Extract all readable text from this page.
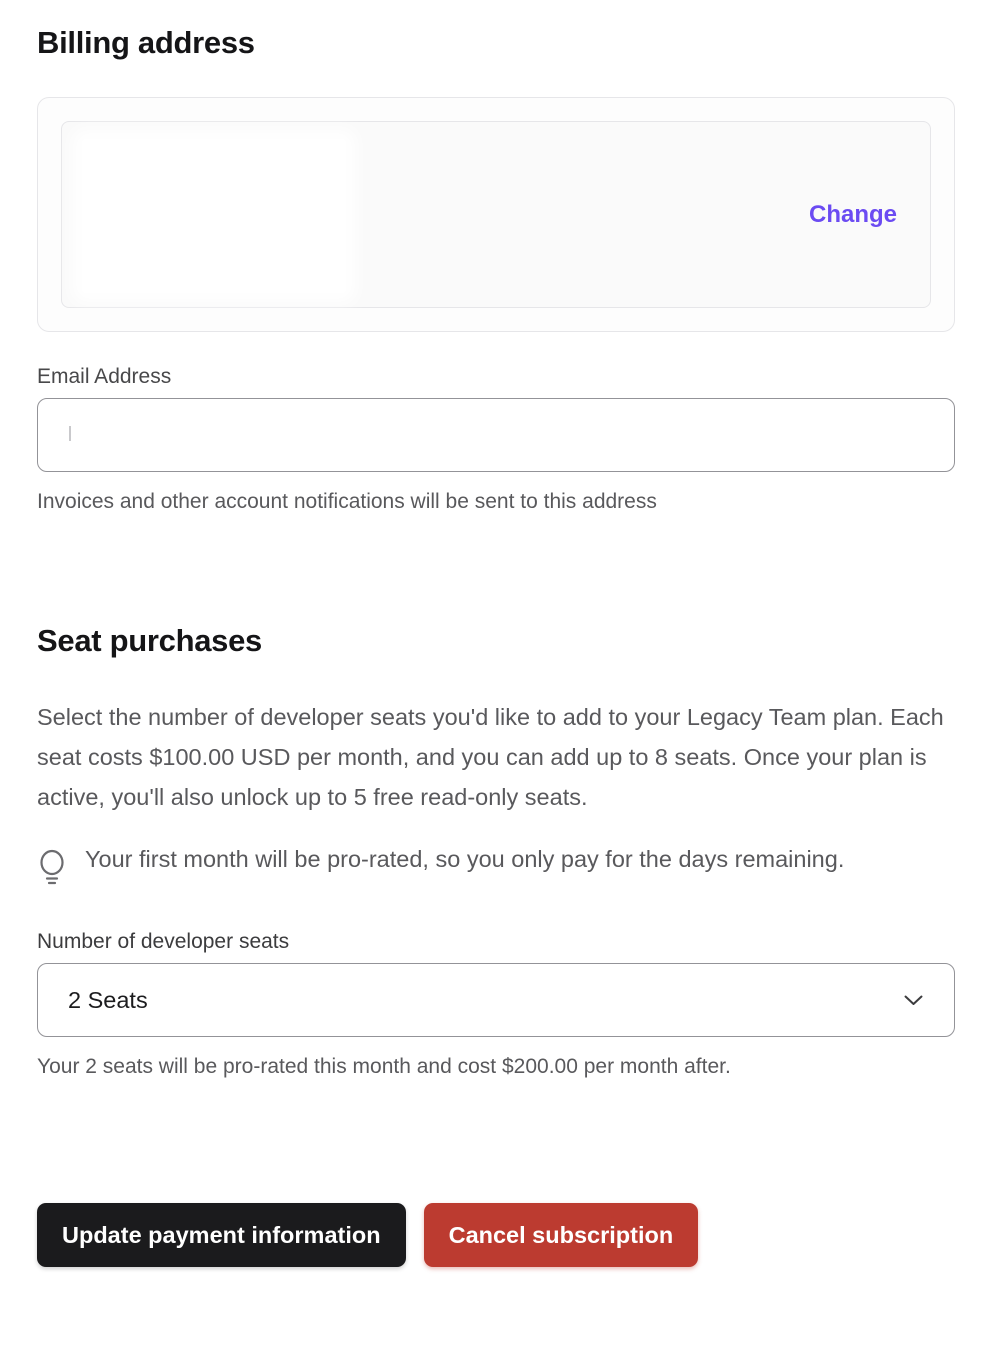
Billing address
Change
Email Address
Invoices and other account notifications will be sent to this address
Seat purchases

Select the number of developer seats you'd like to add to your Legacy Team plan. Each seat costs $100.00 USD per month, and you can add up to 8 seats. Once your plan is active, you'll also unlock up to 5 free read-only seats.

Your first month will be pro-rated, so you only pay for the days remaining.
Number of developer seats
2 Seats
Your 2 seats will be pro-rated this month and cost $200.00 per month after.
Update payment information	Cancel subscription
